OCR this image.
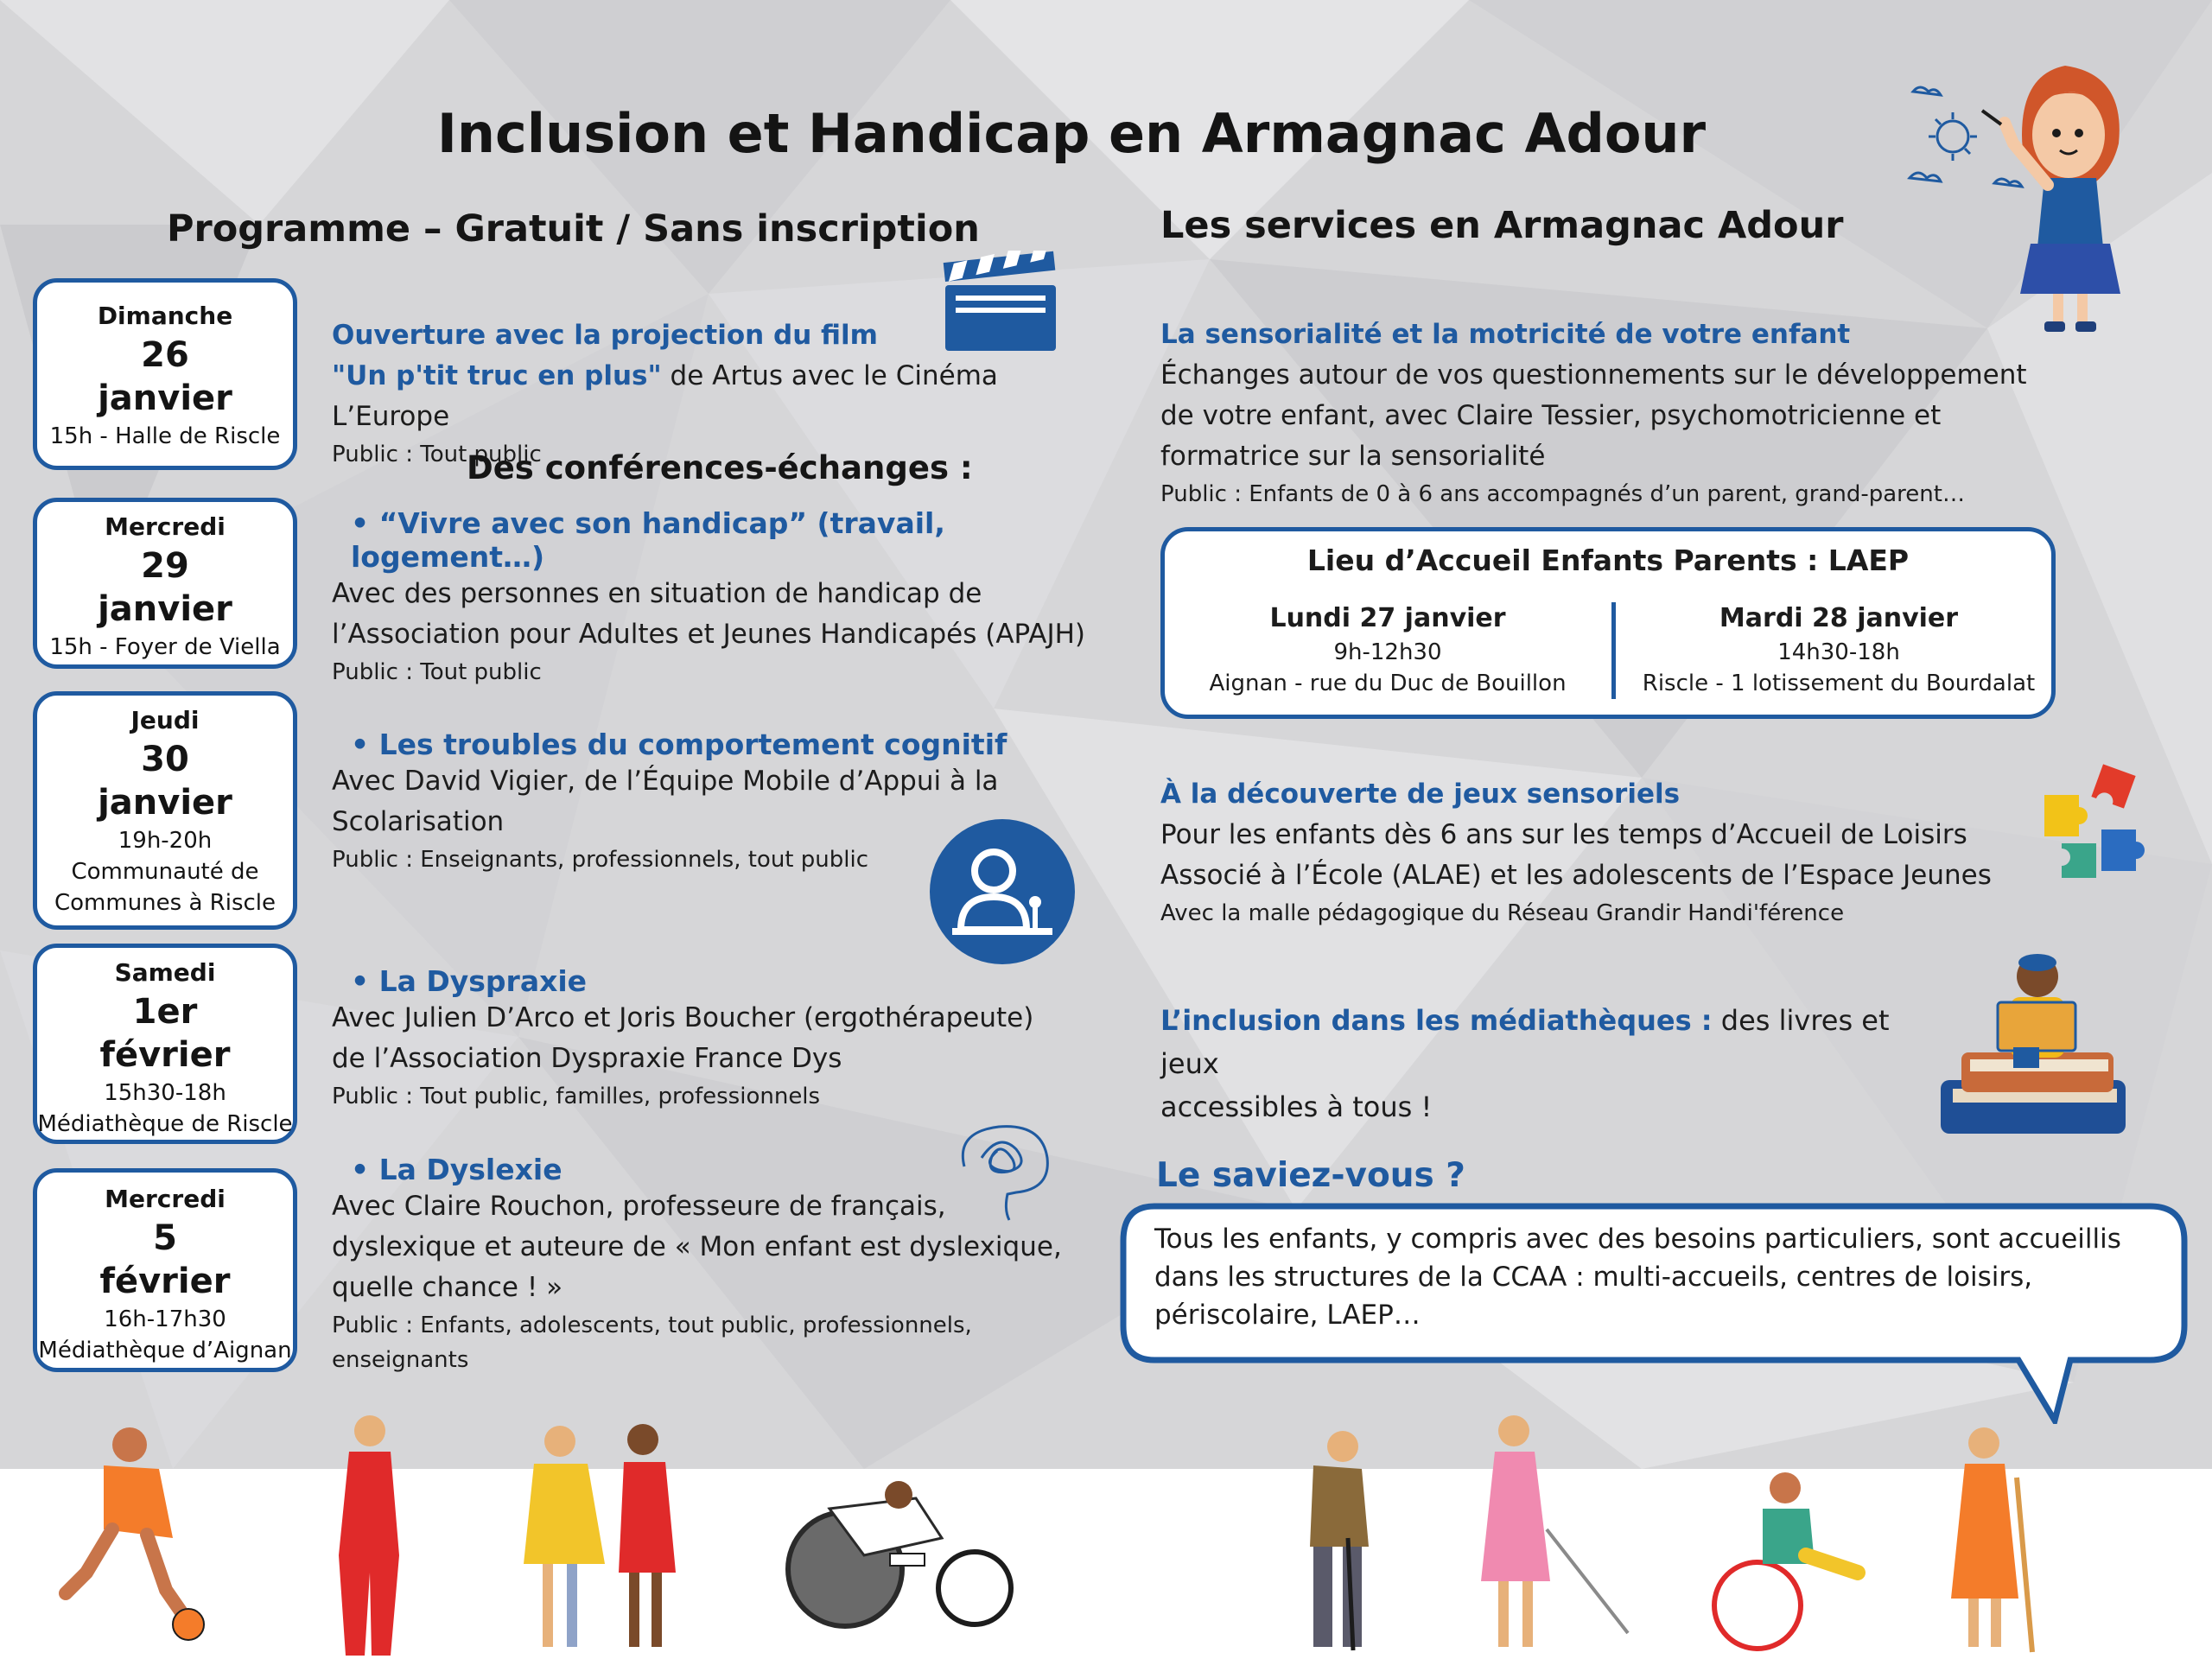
Inclusion et Handicap en Armagnac Adour
Programme – Gratuit / Sans inscription	Les services en Armagnac Adour
Dimanche
26
janvier
15h - Halle de Riscle
Mercredi
29
janvier
15h - Foyer de Viella
Jeudi
30
janvier
19h-20h
Communauté de
Communes à Riscle
Samedi
1er
février
15h30-18h
Médiathèque de Riscle
Mercredi
5
février
16h-17h30
Médiathèque d’Aignan
Ouverture avec la projection du film
"Un p'tit truc en plus" de Artus avec le Cinéma L’Europe
Public : Tout public
Des conférences-échanges :
• “Vivre avec son handicap” (travail, logement…)
Avec des personnes en situation de handicap de
l’Association pour Adultes et Jeunes Handicapés (APAJH)
Public : Tout public
• Les troubles du comportement cognitif
Avec David Vigier, de l’Équipe Mobile d’Appui à la
Scolarisation
Public : Enseignants, professionnels, tout public
• La Dyspraxie
Avec Julien D’Arco et Joris Boucher (ergothérapeute)
de l’Association Dyspraxie France Dys
Public : Tout public, familles, professionnels
• La Dyslexie
Avec Claire Rouchon, professeure de français,
dyslexique et auteure de « Mon enfant est dyslexique,
quelle chance ! »
Public : Enfants, adolescents, tout public, professionnels,
enseignants
La sensorialité et la motricité de votre enfant
Échanges autour de vos questionnements sur le développement
de votre enfant, avec Claire Tessier, psychomotricienne et
formatrice sur la sensorialité
Public : Enfants de 0 à 6 ans accompagnés d’un parent, grand-parent…
Lieu d’Accueil Enfants Parents : LAEP
Lundi 27 janvier
9h-12h30
Aignan - rue du Duc de Bouillon
Mardi 28 janvier
14h30-18h
Riscle - 1 lotissement du Bourdalat
À la découverte de jeux sensoriels
Pour les enfants dès 6 ans sur les temps d’Accueil de Loisirs
Associé à l’École (ALAE) et les adolescents de l’Espace Jeunes
Avec la malle pédagogique du Réseau Grandir Handi'férence
L’inclusion dans les médiathèques : des livres et jeux
accessibles à tous !
Le saviez-vous ?
Tous les enfants, y compris avec des besoins particuliers, sont accueillis
dans les structures de la CCAA : multi-accueils, centres de loisirs,
périscolaire, LAEP…
